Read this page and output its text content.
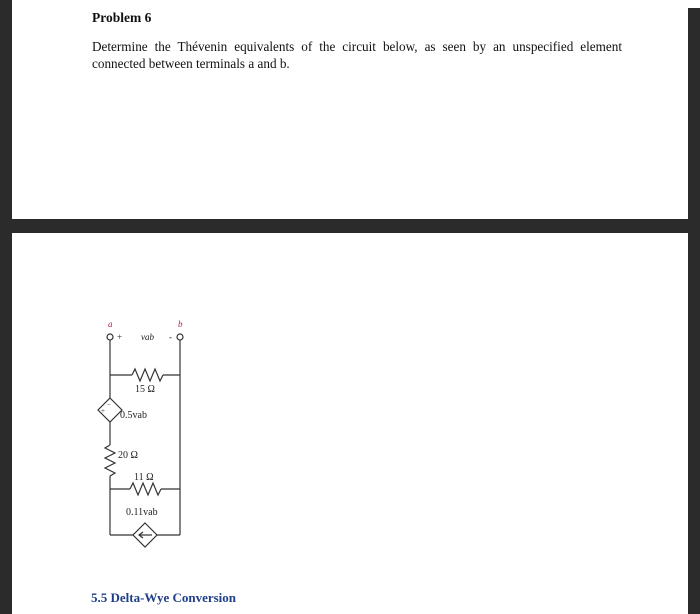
Problem 6
Determine the Thévenin equivalents of the circuit below, as seen by an unspecified element connected between terminals a and b.
a	b
+ vab -
15 Ω
−
+ 0.5vab
20 Ω
11 Ω
0.11vab
5.5 Delta-Wye Conversion
